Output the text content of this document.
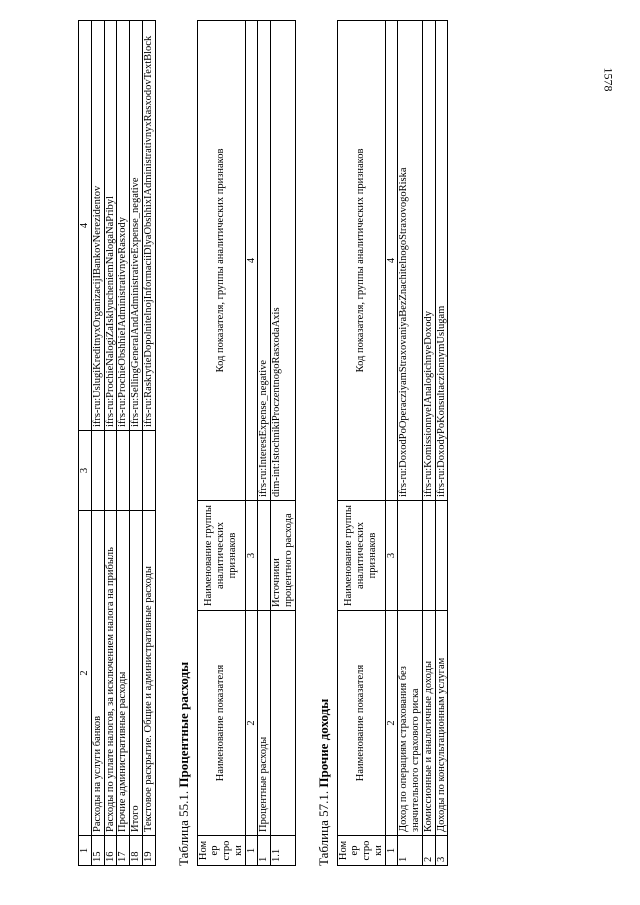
1578
1	2	3	4
15	Расходы на услуги банков		ifrs-ru:UslugiKreditnyxOrganizacijIBankovNerezidentov
16	Расходы по уплате налогов, за исключением налога на прибыль		ifrs-ru:ProchieNalogiZaIsklyucheniemNalogaNaPribyl
17	Прочие административные расходы		ifrs-ru:ProchieObshhieIAdministrativnyeRasxody
18	Итого		ifrs-ru:SellingGeneralAndAdministrativeExpense_negative
19	Текстовое раскрытие. Общие и административные расходы		ifrs-ru:RaskrytieDopolnitelnojInformaciiDlyaObshhixIAdministrativnyxRasxodovTextBlock
Таблица 55.1. Процентные расходы
Номер строки	Наименование показателя	Наименование группы аналитических признаков	Код показателя, группы аналитических признаков
1	2	3	4
1	Процентные расходы		ifrs-ru:InterestExpense_negative
1.1		Источники процентного расхода	dim-int:IstochnikiProczentnogoRasxodaAxis
Таблица 57.1. Прочие доходы
Номер строки	Наименование показателя	Наименование группы аналитических признаков	Код показателя, группы аналитических признаков
1	2	3	4
1	Доход по операциям страхования без значительного страхового риска		ifrs-ru:DoxodPoOperacziyamStraxovaniyaBezZnachitelnogoStraxovogoRiska
2	Комиссионные и аналогичные доходы		ifrs-ru:KomissionnyeIAnalogichnyeDoxody
3	Доходы по консультационным услугам		ifrs-ru:DoxodyPoKonsultaczionnymUslugam
